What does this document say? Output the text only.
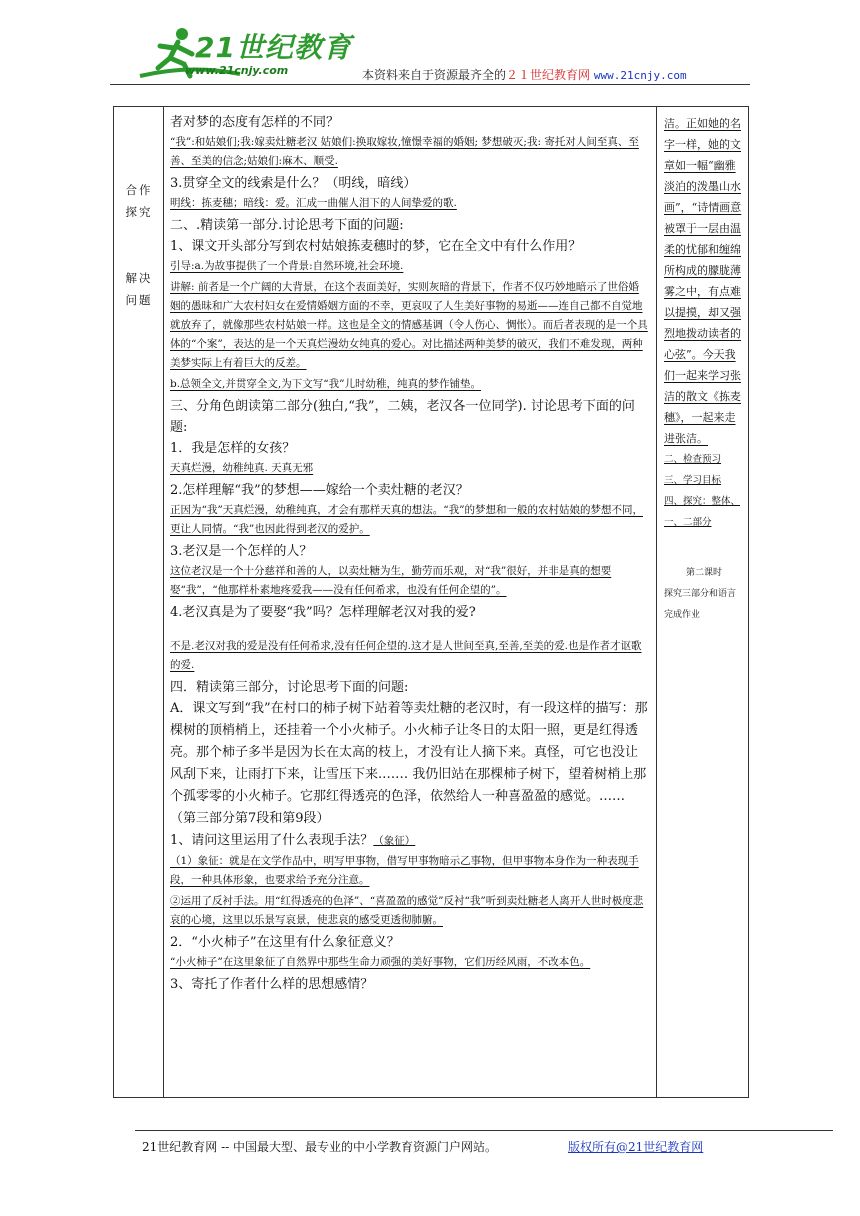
21世纪教育
www.21cnjy.com	本资料来自于资源最齐全的２１世纪教育网 www.21cnjy.com
合作
探究
解决
问题

者对梦的态度有怎样的不同？

“我”:和姑娘们;我:嫁卖灶糖老汉 姑娘们:换取嫁妆,憧憬幸福的婚姻; 梦想破灭;我: 寄托对人间至真、至善、至美的信念;姑娘们:麻木、顺受.

3.贯穿全文的线索是什么？（明线，暗线）

明线：拣麦穗；暗线：爱。汇成一曲催人泪下的人间挚爱的歌.

二、.精读第一部分.讨论思考下面的问题:

1、课文开头部分写到农村姑娘拣麦穗时的梦，它在全文中有什么作用？

引导:a.为故事提供了一个背景:自然环境,社会环境.

讲解: 前者是一个广阔的大背景，在这个表面美好，实则灰暗的背景下，作者不仅巧妙地暗示了世俗婚姻的愚昧和广大农村妇女在爱情婚姻方面的不幸，更哀叹了人生美好事物的易逝——连自己都不自觉地就放弃了，就像那些农村姑娘一样。这也是全文的情感基调（令人伤心、惆怅）。而后者表现的是一个具体的“个案”，表达的是一个天真烂漫幼女纯真的爱心。对比描述两种美梦的破灭，我们不难发现，两种美梦实际上有着巨大的反差。

b.总领全文,并贯穿全文,为下文写“我”儿时幼稚，纯真的梦作铺垫。

三、分角色朗读第二部分(独白,“我”，二姨，老汉各一位同学). 讨论思考下面的问题:

1．我是怎样的女孩？

天真烂漫，幼稚纯真. 天真无邪

2.怎样理解“我”的梦想——嫁给一个卖灶糖的老汉？

正因为“我”天真烂漫，幼稚纯真，才会有那样天真的想法。“我”的梦想和一般的农村姑娘的梦想不同，更让人同情。“我”也因此得到老汉的爱护。

3.老汉是一个怎样的人？

这位老汉是一个十分慈祥和善的人，以卖灶糖为生，勤劳而乐观，对“我”很好，并非是真的想要娶“我”，“他那样朴素地疼爱我——没有任何希求，也没有任何企望的”。

4.老汉真是为了要娶“我”吗？怎样理解老汉对我的爱?

不是.老汉对我的爱是没有任何希求,没有任何企望的.这才是人世间至真,至善,至美的爱.也是作者才讴歌的爱.

四．精读第三部分，讨论思考下面的问题:

A．课文写到“我”在村口的柿子树下站着等卖灶糖的老汉时，有一段这样的描写：那棵树的顶梢梢上，还挂着一个小火柿子。小火柿子让冬日的太阳一照，更是红得透亮。那个柿子多半是因为长在太高的枝上，才没有让人摘下来。真怪，可它也没让风刮下来，让雨打下来，让雪压下来.…… 我仍旧站在那棵柿子树下，望着树梢上那个孤零零的小火柿子。它那红得透亮的色泽，依然给人一种喜盈盈的感觉。……（第三部分第7段和第9段）

1、请问这里运用了什么表现手法？（象征）

（1）象征：就是在文学作品中，明写甲事物，借写甲事物暗示乙事物，但甲事物本身作为一种表现手段，一种具体形象，也要求给予充分注意。

②运用了反衬手法。用“红得透亮的色泽”、“喜盈盈的感觉”反衬“我”听到卖灶糖老人离开人世时极度悲哀的心境，这里以乐景写哀景，使悲哀的感受更透彻肺腑。

2．“小火柿子”在这里有什么象征意义？

“小火柿子”在这里象征了自然界中那些生命力顽强的美好事物，它们历经风雨，不改本色。

3、寄托了作者什么样的思想感情？

洁。正如她的名字一样，她的文章如一幅“幽雅淡泊的泼墨山水画”，“诗情画意被罩于一层由温柔的忧郁和缠绵所构成的朦胧薄雾之中，有点难以提摸，却又强烈地拨动读者的心弦”。今天我们一起来学习张洁的散文《拣麦穗》，一起来走进张洁。

二、检查预习

三、学习目标

四、探究：整体、一、二部分

第二课时

探究三部分和语言完成作业

21世纪教育网 -- 中国最大型、最专业的中小学教育资源门户网站。	版权所有@21世纪教育网
